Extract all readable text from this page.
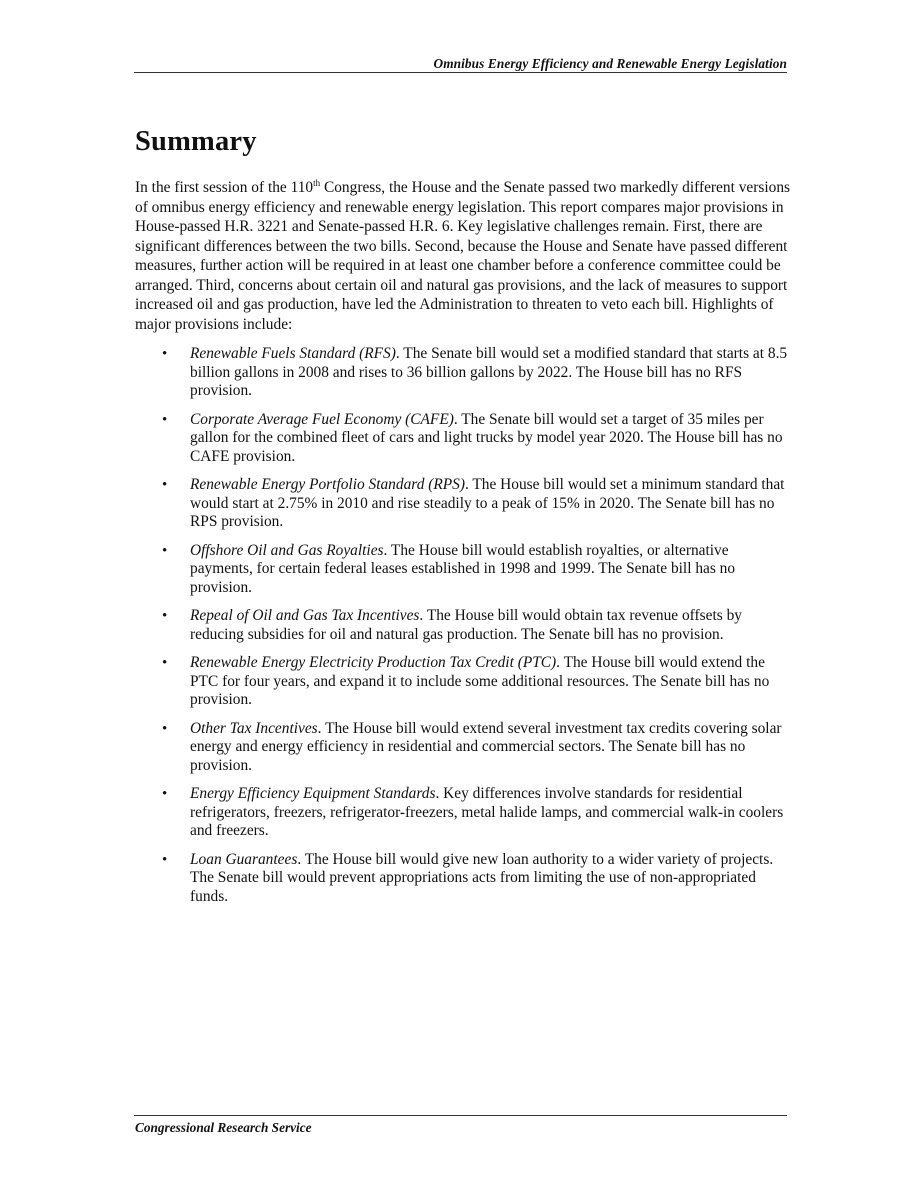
Omnibus Energy Efficiency and Renewable Energy Legislation
Summary

In the first session of the 110th Congress, the House and the Senate passed two markedly different versions of omnibus energy efficiency and renewable energy legislation. This report compares major provisions in House-passed H.R. 3221 and Senate-passed H.R. 6. Key legislative challenges remain. First, there are significant differences between the two bills. Second, because the House and Senate have passed different measures, further action will be required in at least one chamber before a conference committee could be arranged. Third, concerns about certain oil and natural gas provisions, and the lack of measures to support increased oil and gas production, have led the Administration to threaten to veto each bill. Highlights of major provisions include:

• Renewable Fuels Standard (RFS). The Senate bill would set a modified standard that starts at 8.5 billion gallons in 2008 and rises to 36 billion gallons by 2022. The House bill has no RFS provision.
• Corporate Average Fuel Economy (CAFE). The Senate bill would set a target of 35 miles per gallon for the combined fleet of cars and light trucks by model year 2020. The House bill has no CAFE provision.
• Renewable Energy Portfolio Standard (RPS). The House bill would set a minimum standard that would start at 2.75% in 2010 and rise steadily to a peak of 15% in 2020. The Senate bill has no RPS provision.
• Offshore Oil and Gas Royalties. The House bill would establish royalties, or alternative payments, for certain federal leases established in 1998 and 1999. The Senate bill has no provision.
• Repeal of Oil and Gas Tax Incentives. The House bill would obtain tax revenue offsets by reducing subsidies for oil and natural gas production. The Senate bill has no provision.
• Renewable Energy Electricity Production Tax Credit (PTC). The House bill would extend the PTC for four years, and expand it to include some additional resources. The Senate bill has no provision.
• Other Tax Incentives. The House bill would extend several investment tax credits covering solar energy and energy efficiency in residential and commercial sectors. The Senate bill has no provision.
• Energy Efficiency Equipment Standards. Key differences involve standards for residential refrigerators, freezers, refrigerator-freezers, metal halide lamps, and commercial walk-in coolers and freezers.
• Loan Guarantees. The House bill would give new loan authority to a wider variety of projects. The Senate bill would prevent appropriations acts from limiting the use of non-appropriated funds.
Congressional Research Service
